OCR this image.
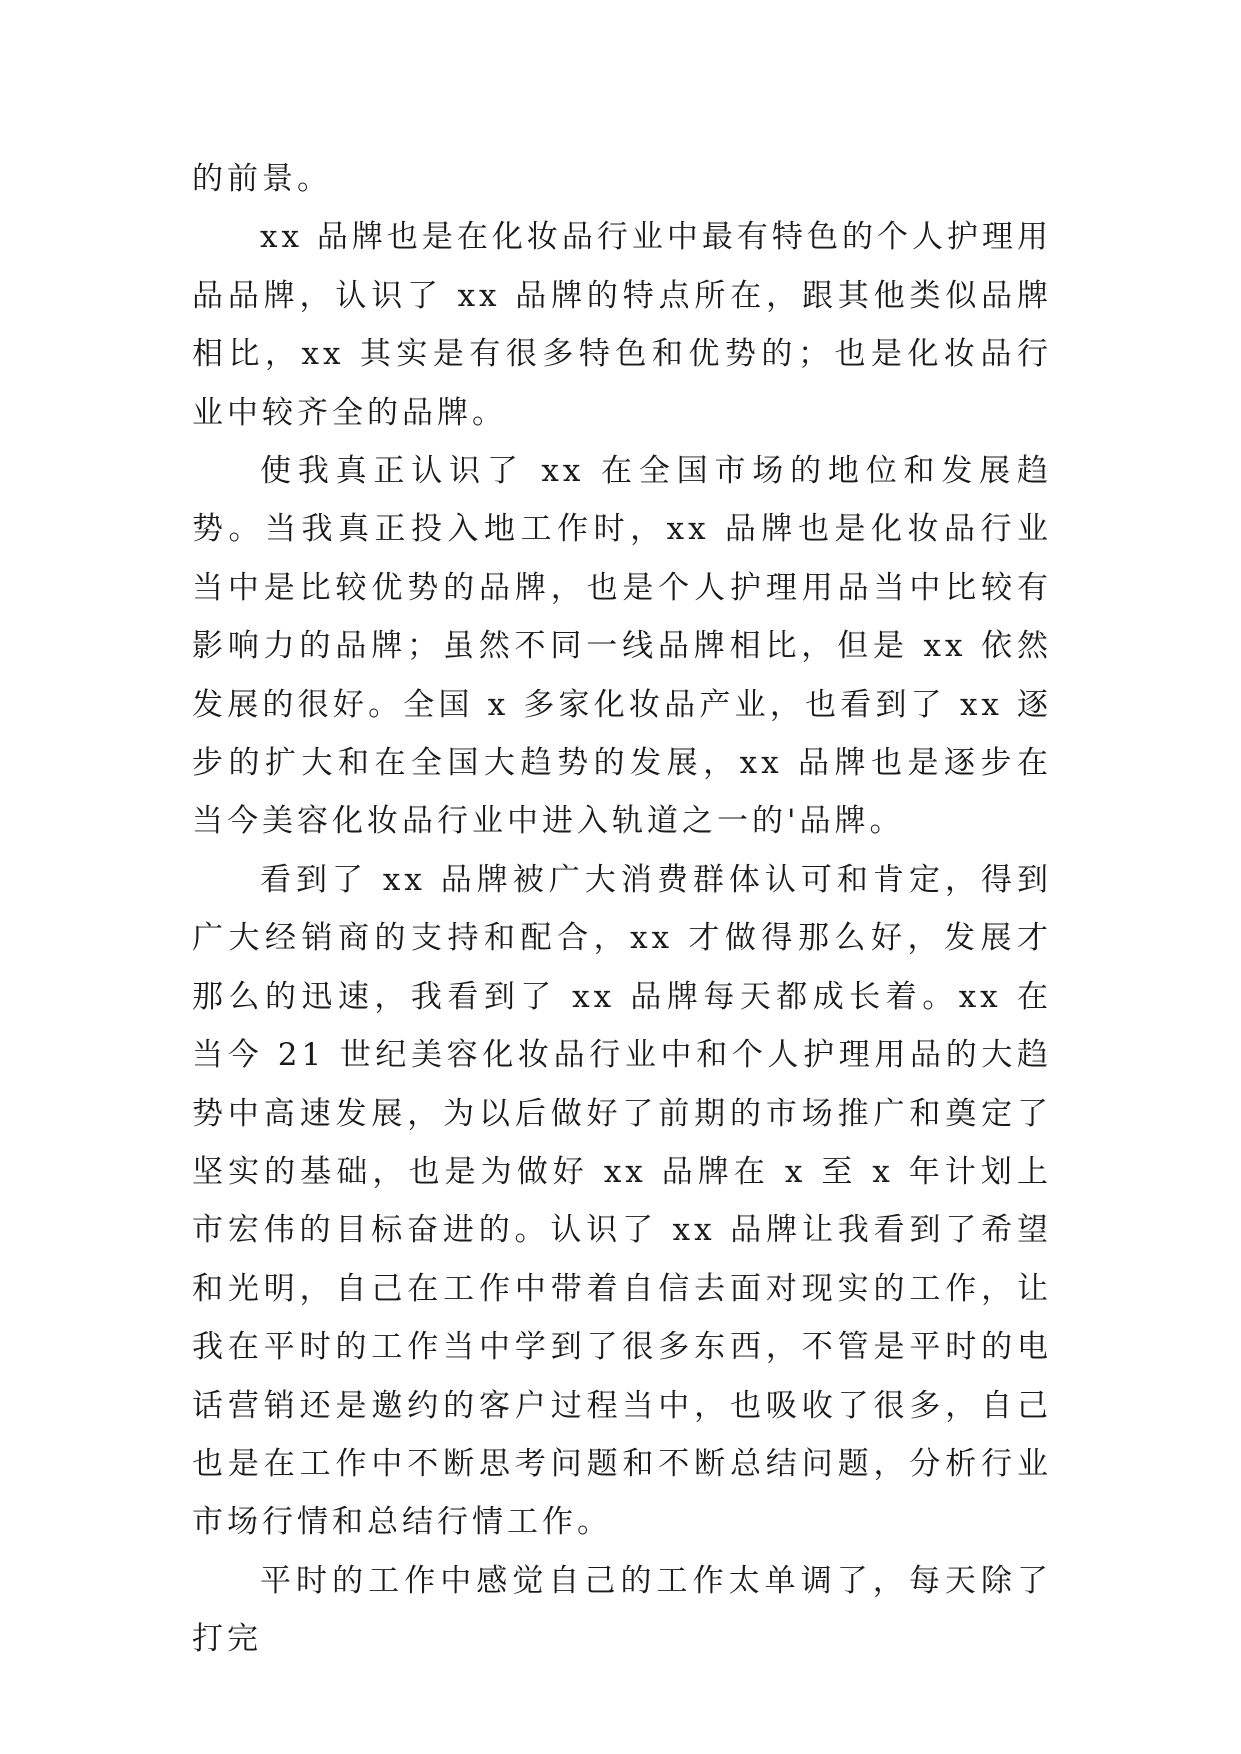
的前景。

xx 品牌也是在化妆品行业中最有特色的个人护理用品品牌，认识了 xx 品牌的特点所在，跟其他类似品牌相比，xx 其实是有很多特色和优势的；也是化妆品行业中较齐全的品牌。

使我真正认识了 xx 在全国市场的地位和发展趋势。当我真正投入地工作时，xx 品牌也是化妆品行业当中是比较优势的品牌，也是个人护理用品当中比较有影响力的品牌；虽然不同一线品牌相比，但是 xx 依然发展的很好。全国 x 多家化妆品产业，也看到了 xx 逐步的扩大和在全国大趋势的发展，xx 品牌也是逐步在当今美容化妆品行业中进入轨道之一的'品牌。

看到了 xx 品牌被广大消费群体认可和肯定，得到广大经销商的支持和配合，xx 才做得那么好，发展才那么的迅速，我看到了 xx 品牌每天都成长着。xx 在当今 21 世纪美容化妆品行业中和个人护理用品的大趋势中高速发展，为以后做好了前期的市场推广和奠定了坚实的基础，也是为做好 xx 品牌在 x 至 x 年计划上市宏伟的目标奋进的。认识了 xx 品牌让我看到了希望和光明，自己在工作中带着自信去面对现实的工作，让我在平时的工作当中学到了很多东西，不管是平时的电话营销还是邀约的客户过程当中，也吸收了很多，自己也是在工作中不断思考问题和不断总结问题，分析行业市场行情和总结行情工作。

平时的工作中感觉自己的工作太单调了，每天除了打完
